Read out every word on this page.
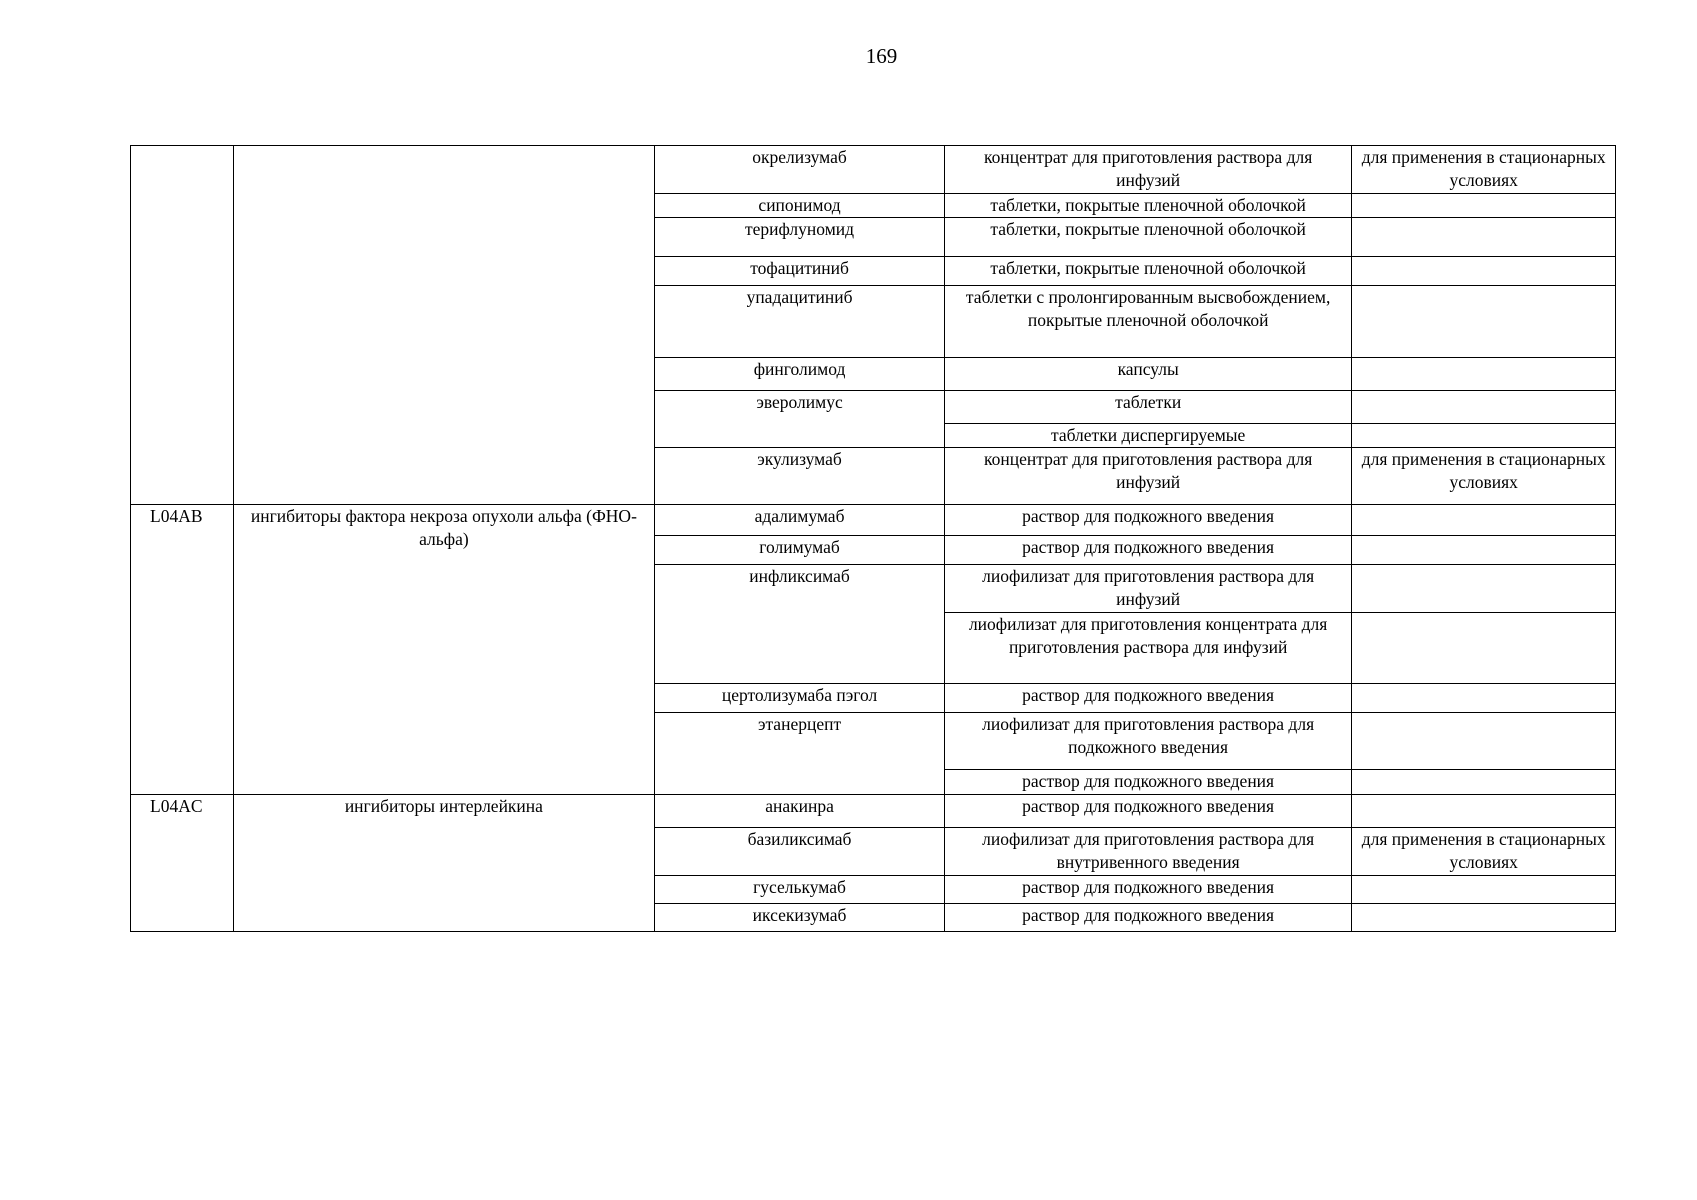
169
		окрелизумаб	концентрат для приготовления раствора для инфузий	для применения в стационарных условиях
		сипонимод	таблетки, покрытые пленочной оболочкой	
		терифлуномид	таблетки, покрытые пленочной оболочкой	
		тофацитиниб	таблетки, покрытые пленочной оболочкой	
		упадацитиниб	таблетки с пролонгированным высвобождением, покрытые пленочной оболочкой	
		финголимод	капсулы	
		эверолимус	таблетки	
			таблетки диспергируемые	
		экулизумаб	концентрат для приготовления раствора для инфузий	для применения в стационарных условиях

L04AB	ингибиторы фактора некроза опухоли альфа (ФНО-альфа)	адалимумаб	раствор для подкожного введения	
		голимумаб	раствор для подкожного введения	
		инфликсимаб	лиофилизат для приготовления раствора для инфузий	
			лиофилизат для приготовления концентрата для приготовления раствора для инфузий	
		цертолизумаба пэгол	раствор для подкожного введения	
		этанерцепт	лиофилизат для приготовления раствора для подкожного введения	
			раствор для подкожного введения	
L04AC	ингибиторы интерлейкина	анакинра	раствор для подкожного введения	
		базиликсимаб	лиофилизат для приготовления раствора для внутривенного введения	для применения в стационарных условиях
		гуселькумаб	раствор для подкожного введения	
		иксекизумаб	раствор для подкожного введения	
